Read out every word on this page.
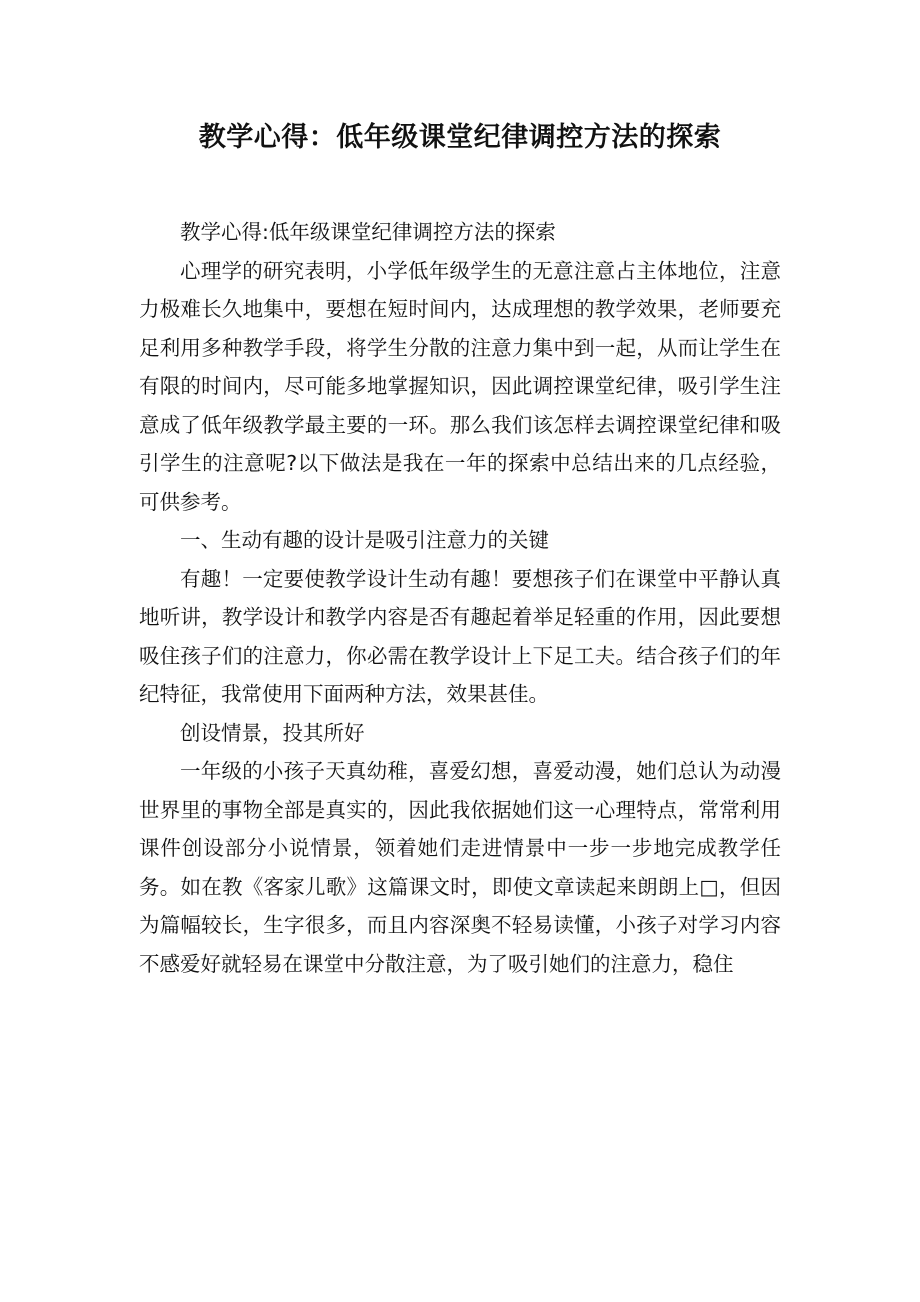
教学心得：低年级课堂纪律调控方法的探索

教学心得:低年级课堂纪律调控方法的探索

心理学的研究表明，小学低年级学生的无意注意占主体地位，注意力极难长久地集中，要想在短时间内，达成理想的教学效果，老师要充足利用多种教学手段，将学生分散的注意力集中到一起，从而让学生在有限的时间内，尽可能多地掌握知识，因此调控课堂纪律，吸引学生注意成了低年级教学最主要的一环。那么我们该怎样去调控课堂纪律和吸引学生的注意呢?以下做法是我在一年的探索中总结出来的几点经验，可供参考。

一、生动有趣的设计是吸引注意力的关键

有趣！一定要使教学设计生动有趣！要想孩子们在课堂中平静认真地听讲，教学设计和教学内容是否有趣起着举足轻重的作用，因此要想吸住孩子们的注意力，你必需在教学设计上下足工夫。结合孩子们的年纪特征，我常使用下面两种方法，效果甚佳。

创设情景，投其所好

一年级的小孩子天真幼稚，喜爱幻想，喜爱动漫，她们总认为动漫世界里的事物全部是真实的，因此我依据她们这一心理特点，常常利用课件创设部分小说情景，领着她们走进情景中一步一步地完成教学任务。如在教《客家儿歌》这篇课文时，即使文章读起来朗朗上□，但因为篇幅较长，生字很多，而且内容深奥不轻易读懂，小孩子对学习内容不感爱好就轻易在课堂中分散注意，为了吸引她们的注意力，稳住
